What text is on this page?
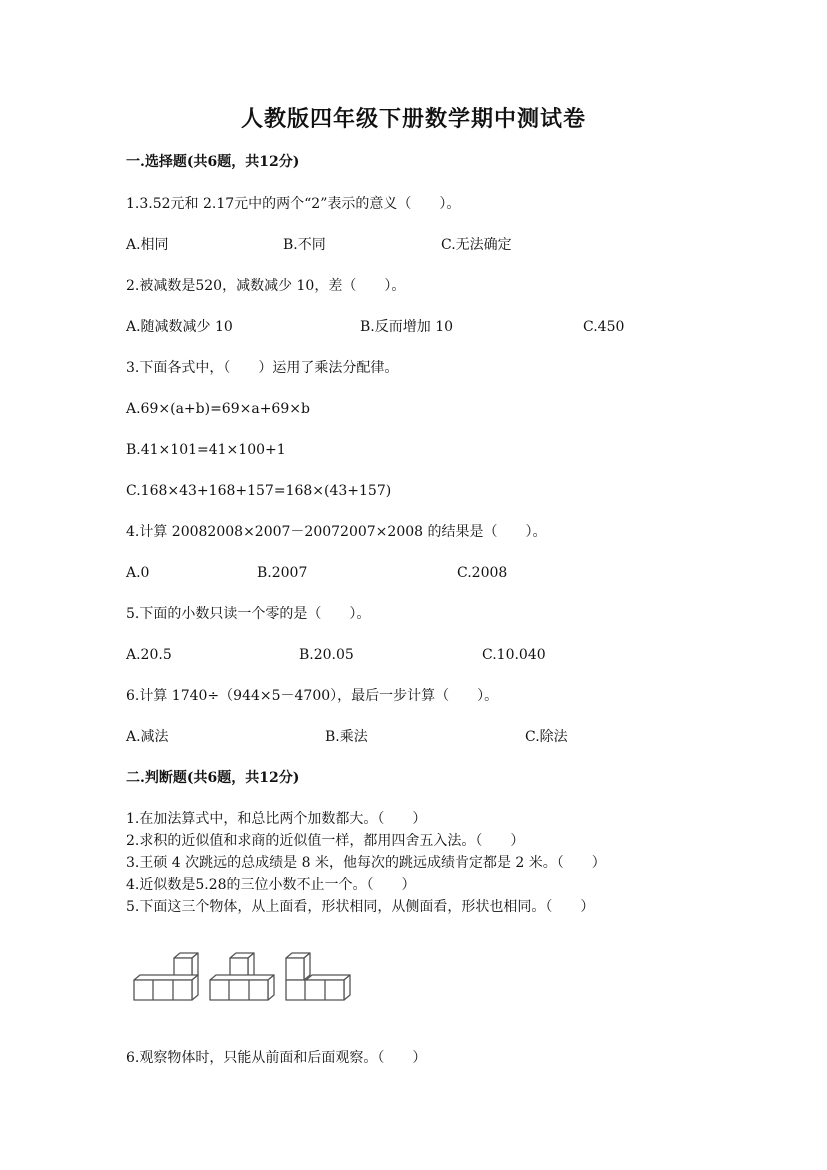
人教版四年级下册数学期中测试卷
一.选择题(共6题，共12分)
1.3.52元和 2.17元中的两个“2”表示的意义（　　）。
A.相同	B.不同	C.无法确定
2.被减数是520，减数减少 10，差（　　）。
A.随减数减少 10	B.反而增加 10	C.450
3.下面各式中，（　　）运用了乘法分配律。
A.69×(a+b)=69×a+69×b
B.41×101=41×100+1
C.168×43+168+157=168×(43+157)
4.计算 20082008×2007－20072007×2008 的结果是（　　）。
A.0	B.2007	C.2008
5.下面的小数只读一个零的是（　　）。
A.20.5	B.20.05	C.10.040
6.计算 1740÷（944×5－4700），最后一步计算（　　）。
A.减法	B.乘法	C.除法
二.判断题(共6题，共12分)
1.在加法算式中，和总比两个加数都大。（　　）
2.求积的近似值和求商的近似值一样，都用四舍五入法。（　　）
3.王硕 4 次跳远的总成绩是 8 米，他每次的跳远成绩肯定都是 2 米。（　　）
4.近似数是5.28的三位小数不止一个。（　　）
5.下面这三个物体，从上面看，形状相同，从侧面看，形状也相同。（　　）
6.观察物体时，只能从前面和后面观察。（　　）
